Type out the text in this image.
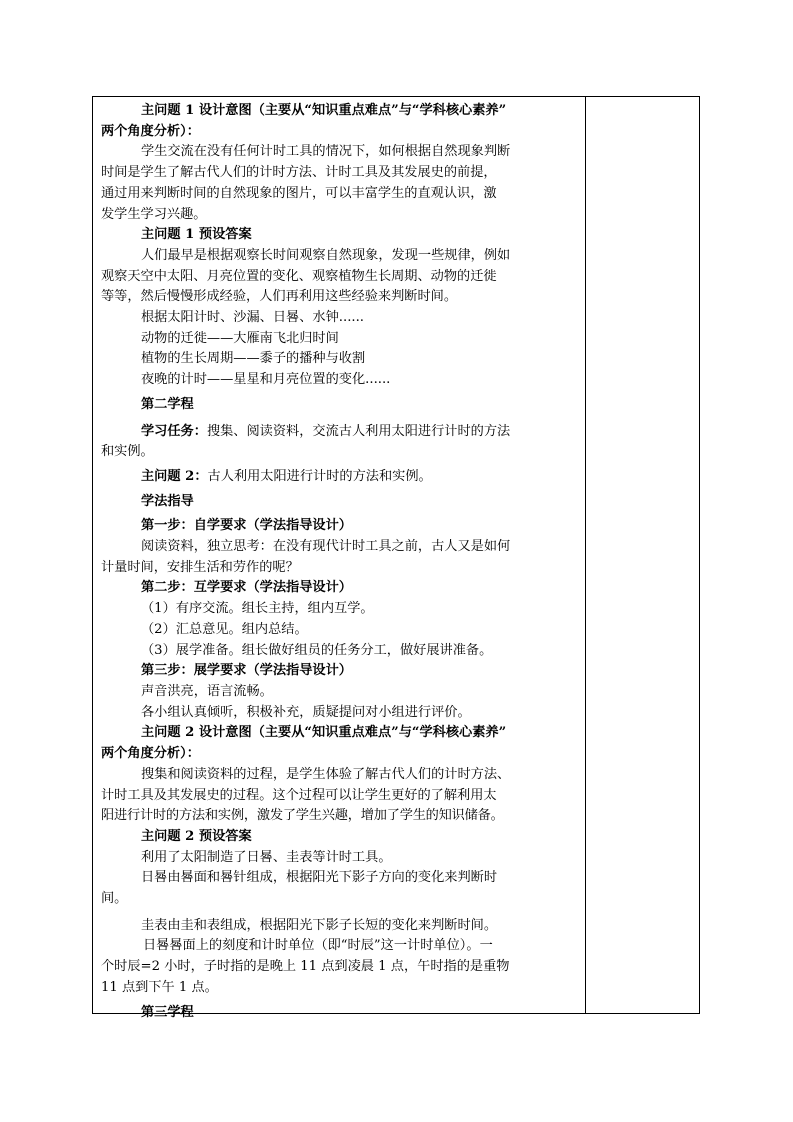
主问题 1 设计意图（主要从“知识重点难点”与“学科核心素养”

两个角度分析）：

学生交流在没有任何计时工具的情况下，如何根据自然现象判断

时间是学生了解古代人们的计时方法、计时工具及其发展史的前提，

通过用来判断时间的自然现象的图片，可以丰富学生的直观认识，激

发学生学习兴趣。

主问题 1 预设答案

人们最早是根据观察长时间观察自然现象，发现一些规律，例如

观察天空中太阳、月亮位置的变化、观察植物生长周期、动物的迁徙

等等，然后慢慢形成经验，人们再利用这些经验来判断时间。

根据太阳计时、沙漏、日晷、水钟......

动物的迁徙——大雁南飞北归时间

植物的生长周期——黍子的播种与收割

夜晚的计时——星星和月亮位置的变化......

第二学程

学习任务：搜集、阅读资料，交流古人利用太阳进行计时的方法

和实例。

主问题 2：古人利用太阳进行计时的方法和实例。

学法指导

第一步：自学要求（学法指导设计）

阅读资料，独立思考：在没有现代计时工具之前，古人又是如何

计量时间，安排生活和劳作的呢？

第二步：互学要求（学法指导设计）

（1）有序交流。组长主持，组内互学。

（2）汇总意见。组内总结。

（3）展学准备。组长做好组员的任务分工，做好展讲准备。

第三步：展学要求（学法指导设计）

声音洪亮，语言流畅。

各小组认真倾听，积极补充，质疑提问对小组进行评价。

主问题 2 设计意图（主要从“知识重点难点”与“学科核心素养”

两个角度分析）：

搜集和阅读资料的过程，是学生体验了解古代人们的计时方法、

计时工具及其发展史的过程。这个过程可以让学生更好的了解利用太

阳进行计时的方法和实例，激发了学生兴趣，增加了学生的知识储备。

主问题 2 预设答案

利用了太阳制造了日晷、圭表等计时工具。

日晷由晷面和晷针组成，根据阳光下影子方向的变化来判断时

间。

圭表由圭和表组成，根据阳光下影子长短的变化来判断时间。

日晷晷面上的刻度和计时单位（即“时辰”这一计时单位）。一

个时辰=2 小时，子时指的是晚上 11 点到凌晨 1 点，午时指的是重物

11 点到下午 1 点。

第三学程
